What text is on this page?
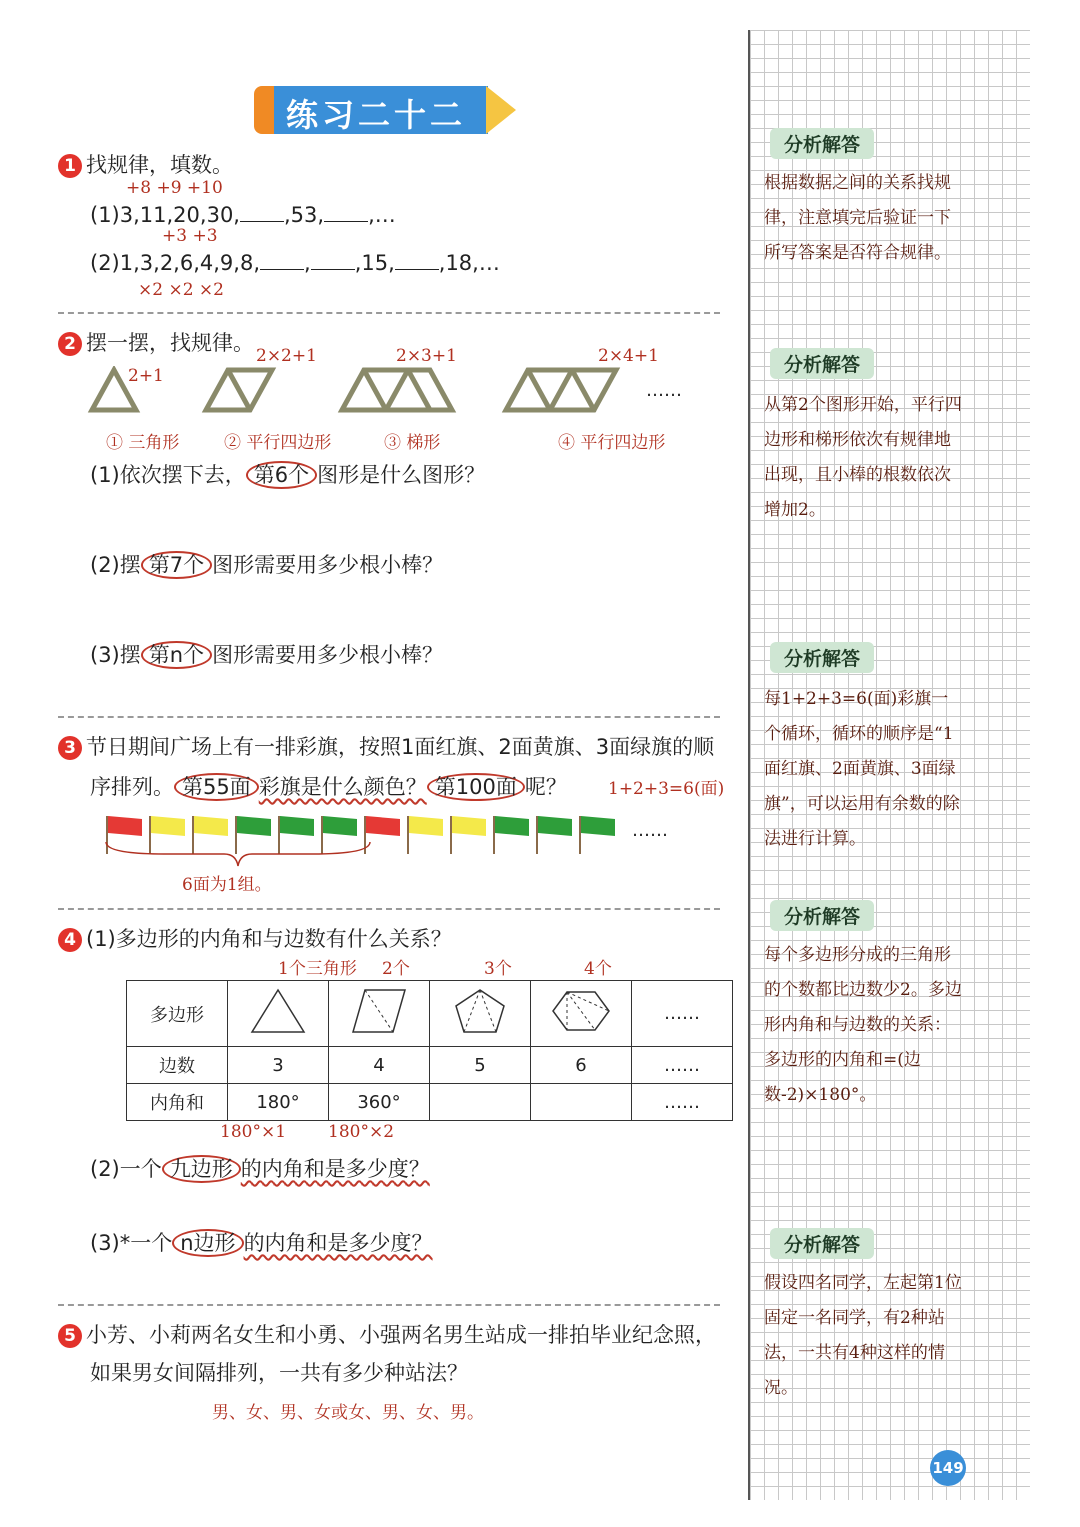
练习二十二
1 找规律，填数。
+8 +9 +10
(1)3,11,20,30, ,53, ,…
+3 +3
(2)1,3,2,6,4,9,8, , ,15, ,18,…
×2 ×2 ×2
2 摆一摆，找规律。
2+1
2×2+1	2×3+1	2×4+1
……
① 三角形	② 平行四边形	③ 梯形	④ 平行四边形
(1)依次摆下去， 第6个 图形是什么图形？
(2)摆 第7个 图形需要用多少根小棒？
(3)摆 第n个 图形需要用多少根小棒？
3 节日期间广场上有一排彩旗，按照1面红旗、2面黄旗、3面绿旗的顺
序排列。 第55面 彩旗是什么颜色？ 第100面 呢？ 1+2+3=6(面)
……
6面为1组。
4 (1)多边形的内角和与边数有什么关系？
1个三角形 2个	3个	4个
多边形					……
边数	3	4	5	6	……
内角和	180°	360°			……
180°×1 180°×2
(2)一个 九边形 的内角和是多少度？
(3)*一个 n边形 的内角和是多少度？
5 小芳、小莉两名女生和小勇、小强两名男生站成一排拍毕业纪念照，
如果男女间隔排列，一共有多少种站法？
男、女、男、女或女、男、女、男。
分析解答
根据数据之间的关系找规律，注意填完后验证一下所写答案是否符合规律。
分析解答
从第2个图形开始，平行四边形和梯形依次有规律地出现，且小棒的根数依次增加2。
分析解答
每1+2+3=6(面)彩旗一个循环，循环的顺序是“1面红旗、2面黄旗、3面绿旗”，可以运用有余数的除法进行计算。
分析解答
每个多边形分成的三角形的个数都比边数少2。多边形内角和与边数的关系：多边形的内角和=(边数-2)×180°。
分析解答
假设四名同学，左起第1位固定一名同学，有2种站法，一共有4种这样的情况。
149
